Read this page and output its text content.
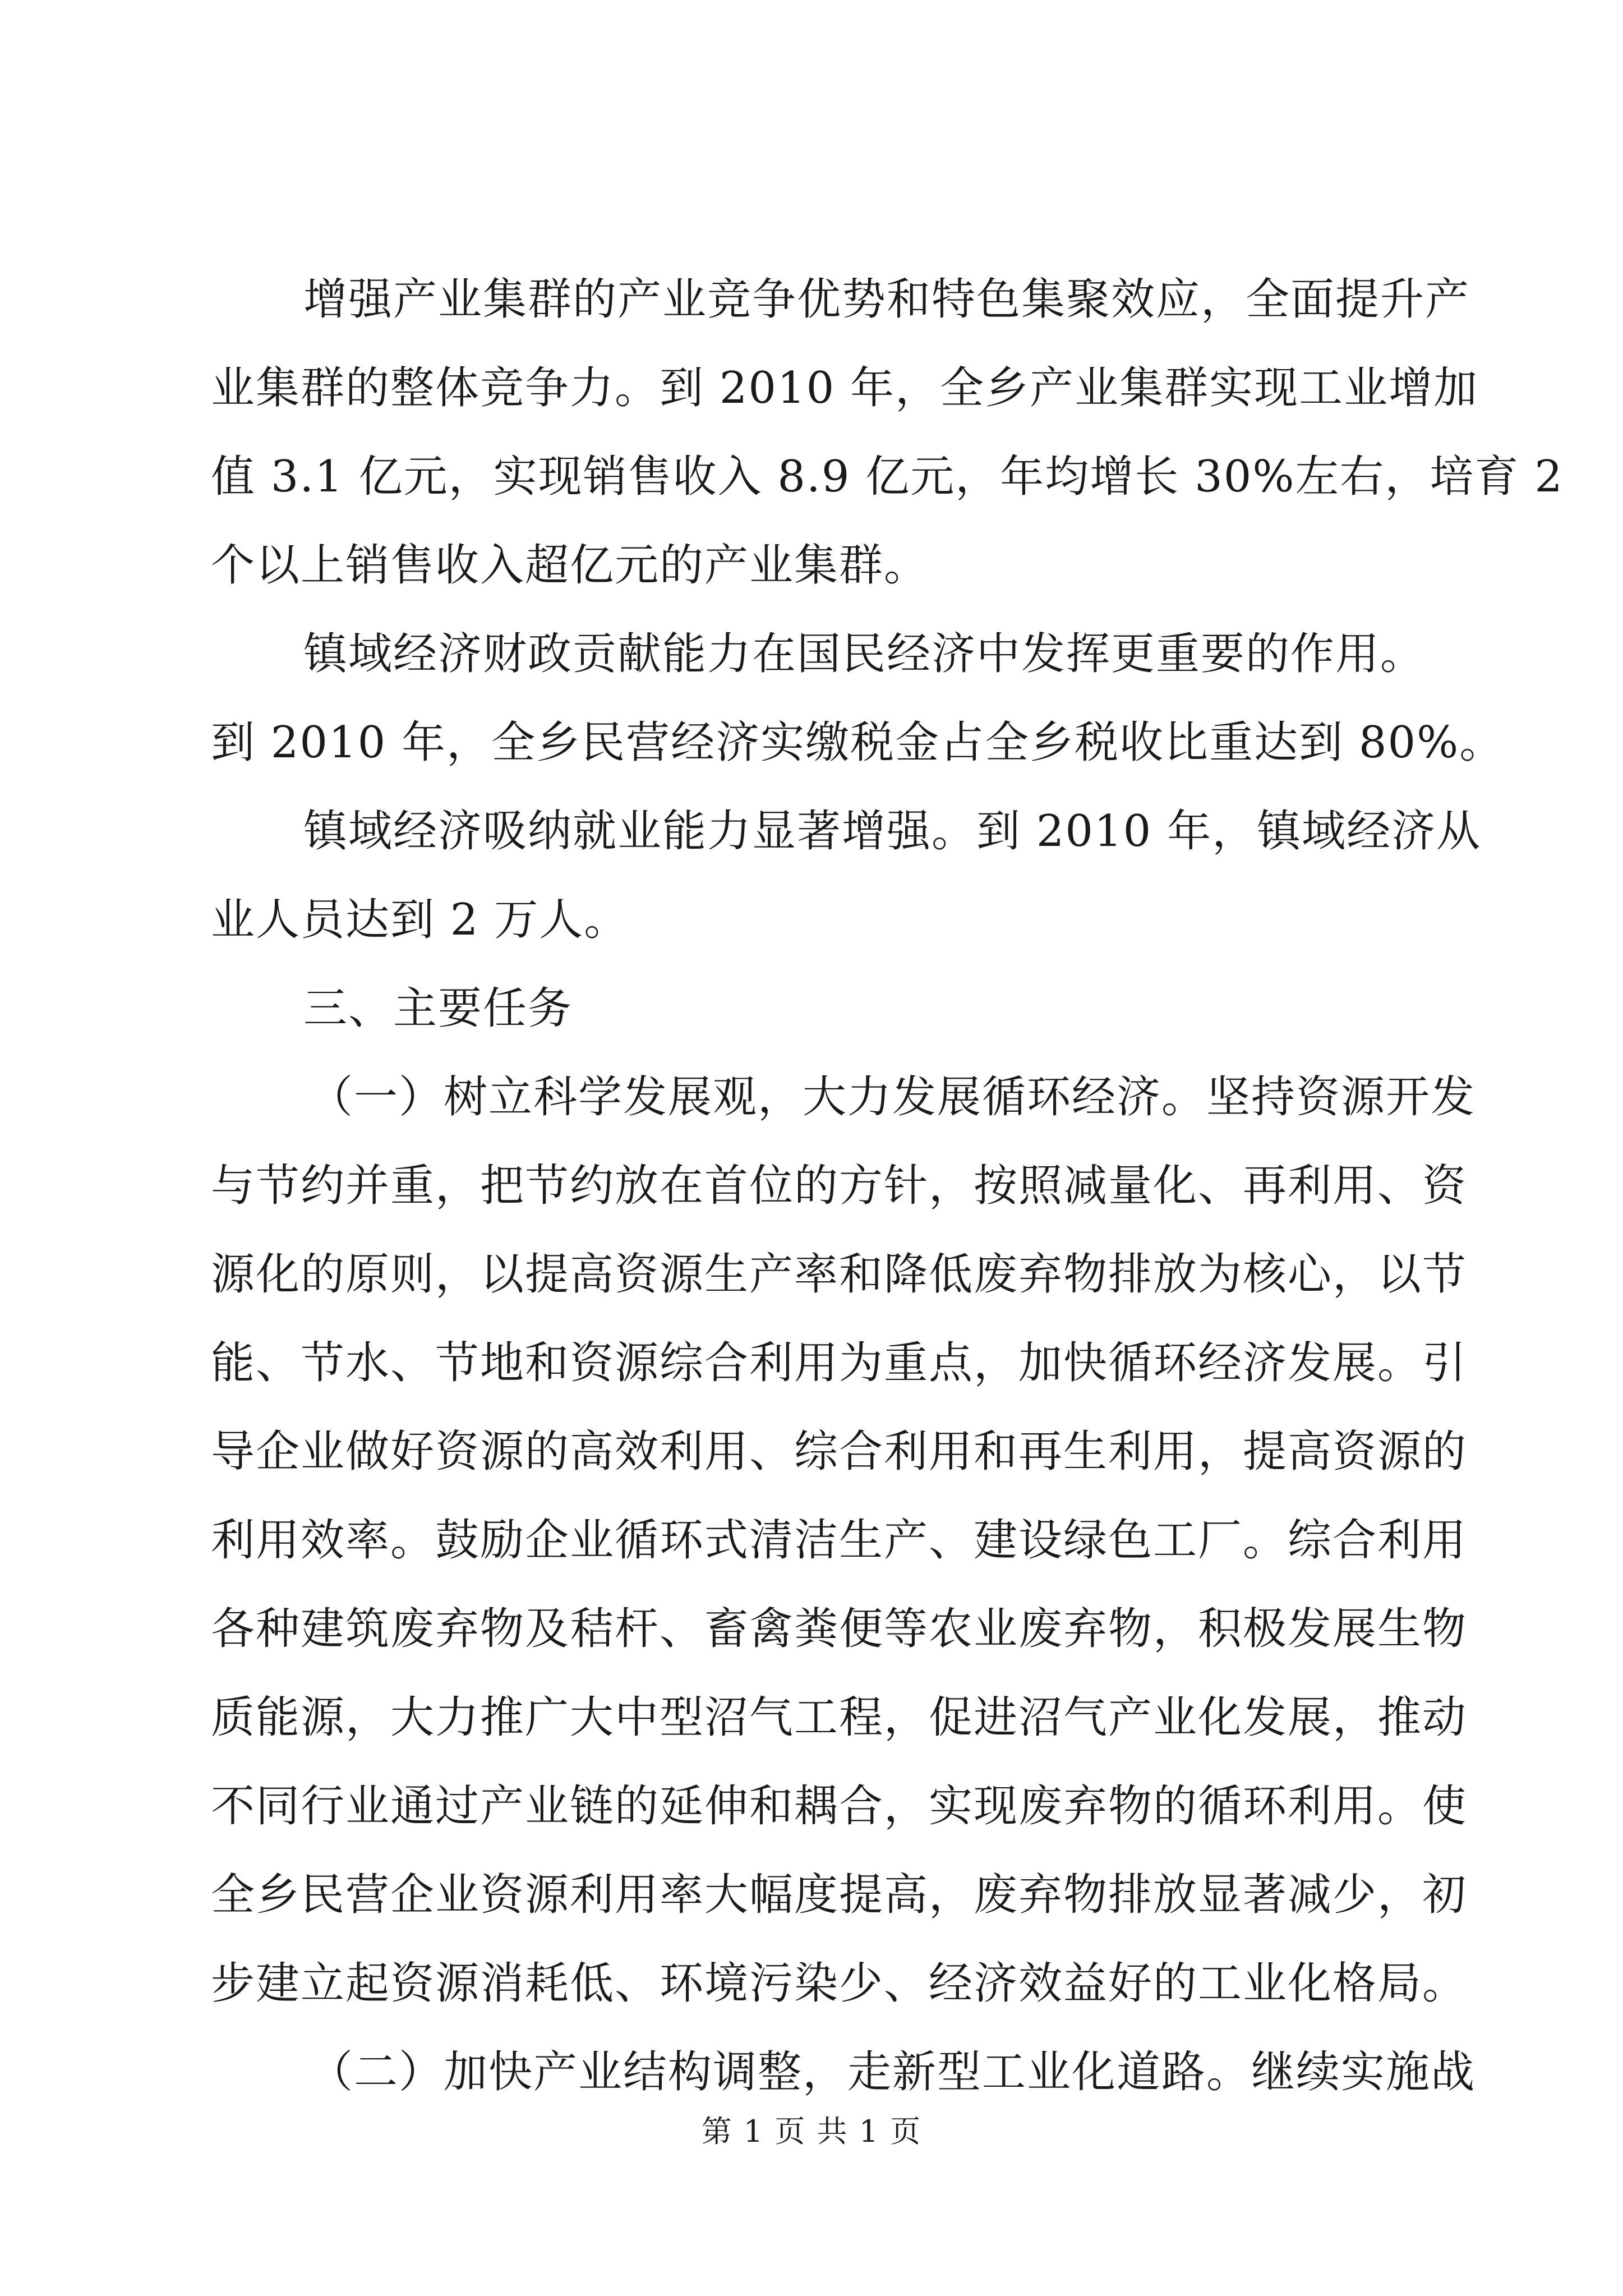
增强产业集群的产业竞争优势和特色集聚效应，全面提升产
业集群的整体竞争力。到 2010 年，全乡产业集群实现工业增加
值 3.1 亿元，实现销售收入 8.9 亿元，年均增长 30%左右，培育 2
个以上销售收入超亿元的产业集群。
镇域经济财政贡献能力在国民经济中发挥更重要的作用。
到 2010 年，全乡民营经济实缴税金占全乡税收比重达到 80%。
镇域经济吸纳就业能力显著增强。到 2010 年，镇域经济从
业人员达到 2 万人。
三、主要任务
（一）树立科学发展观，大力发展循环经济。坚持资源开发
与节约并重，把节约放在首位的方针，按照减量化、再利用、资
源化的原则，以提高资源生产率和降低废弃物排放为核心，以节
能、节水、节地和资源综合利用为重点，加快循环经济发展。引
导企业做好资源的高效利用、综合利用和再生利用，提高资源的
利用效率。鼓励企业循环式清洁生产、建设绿色工厂。综合利用
各种建筑废弃物及秸杆、畜禽粪便等农业废弃物，积极发展生物
质能源，大力推广大中型沼气工程，促进沼气产业化发展，推动
不同行业通过产业链的延伸和耦合，实现废弃物的循环利用。使
全乡民营企业资源利用率大幅度提高，废弃物排放显著减少，初
步建立起资源消耗低、环境污染少、经济效益好的工业化格局。
（二）加快产业结构调整，走新型工业化道路。继续实施战
第 1 页 共 1 页
